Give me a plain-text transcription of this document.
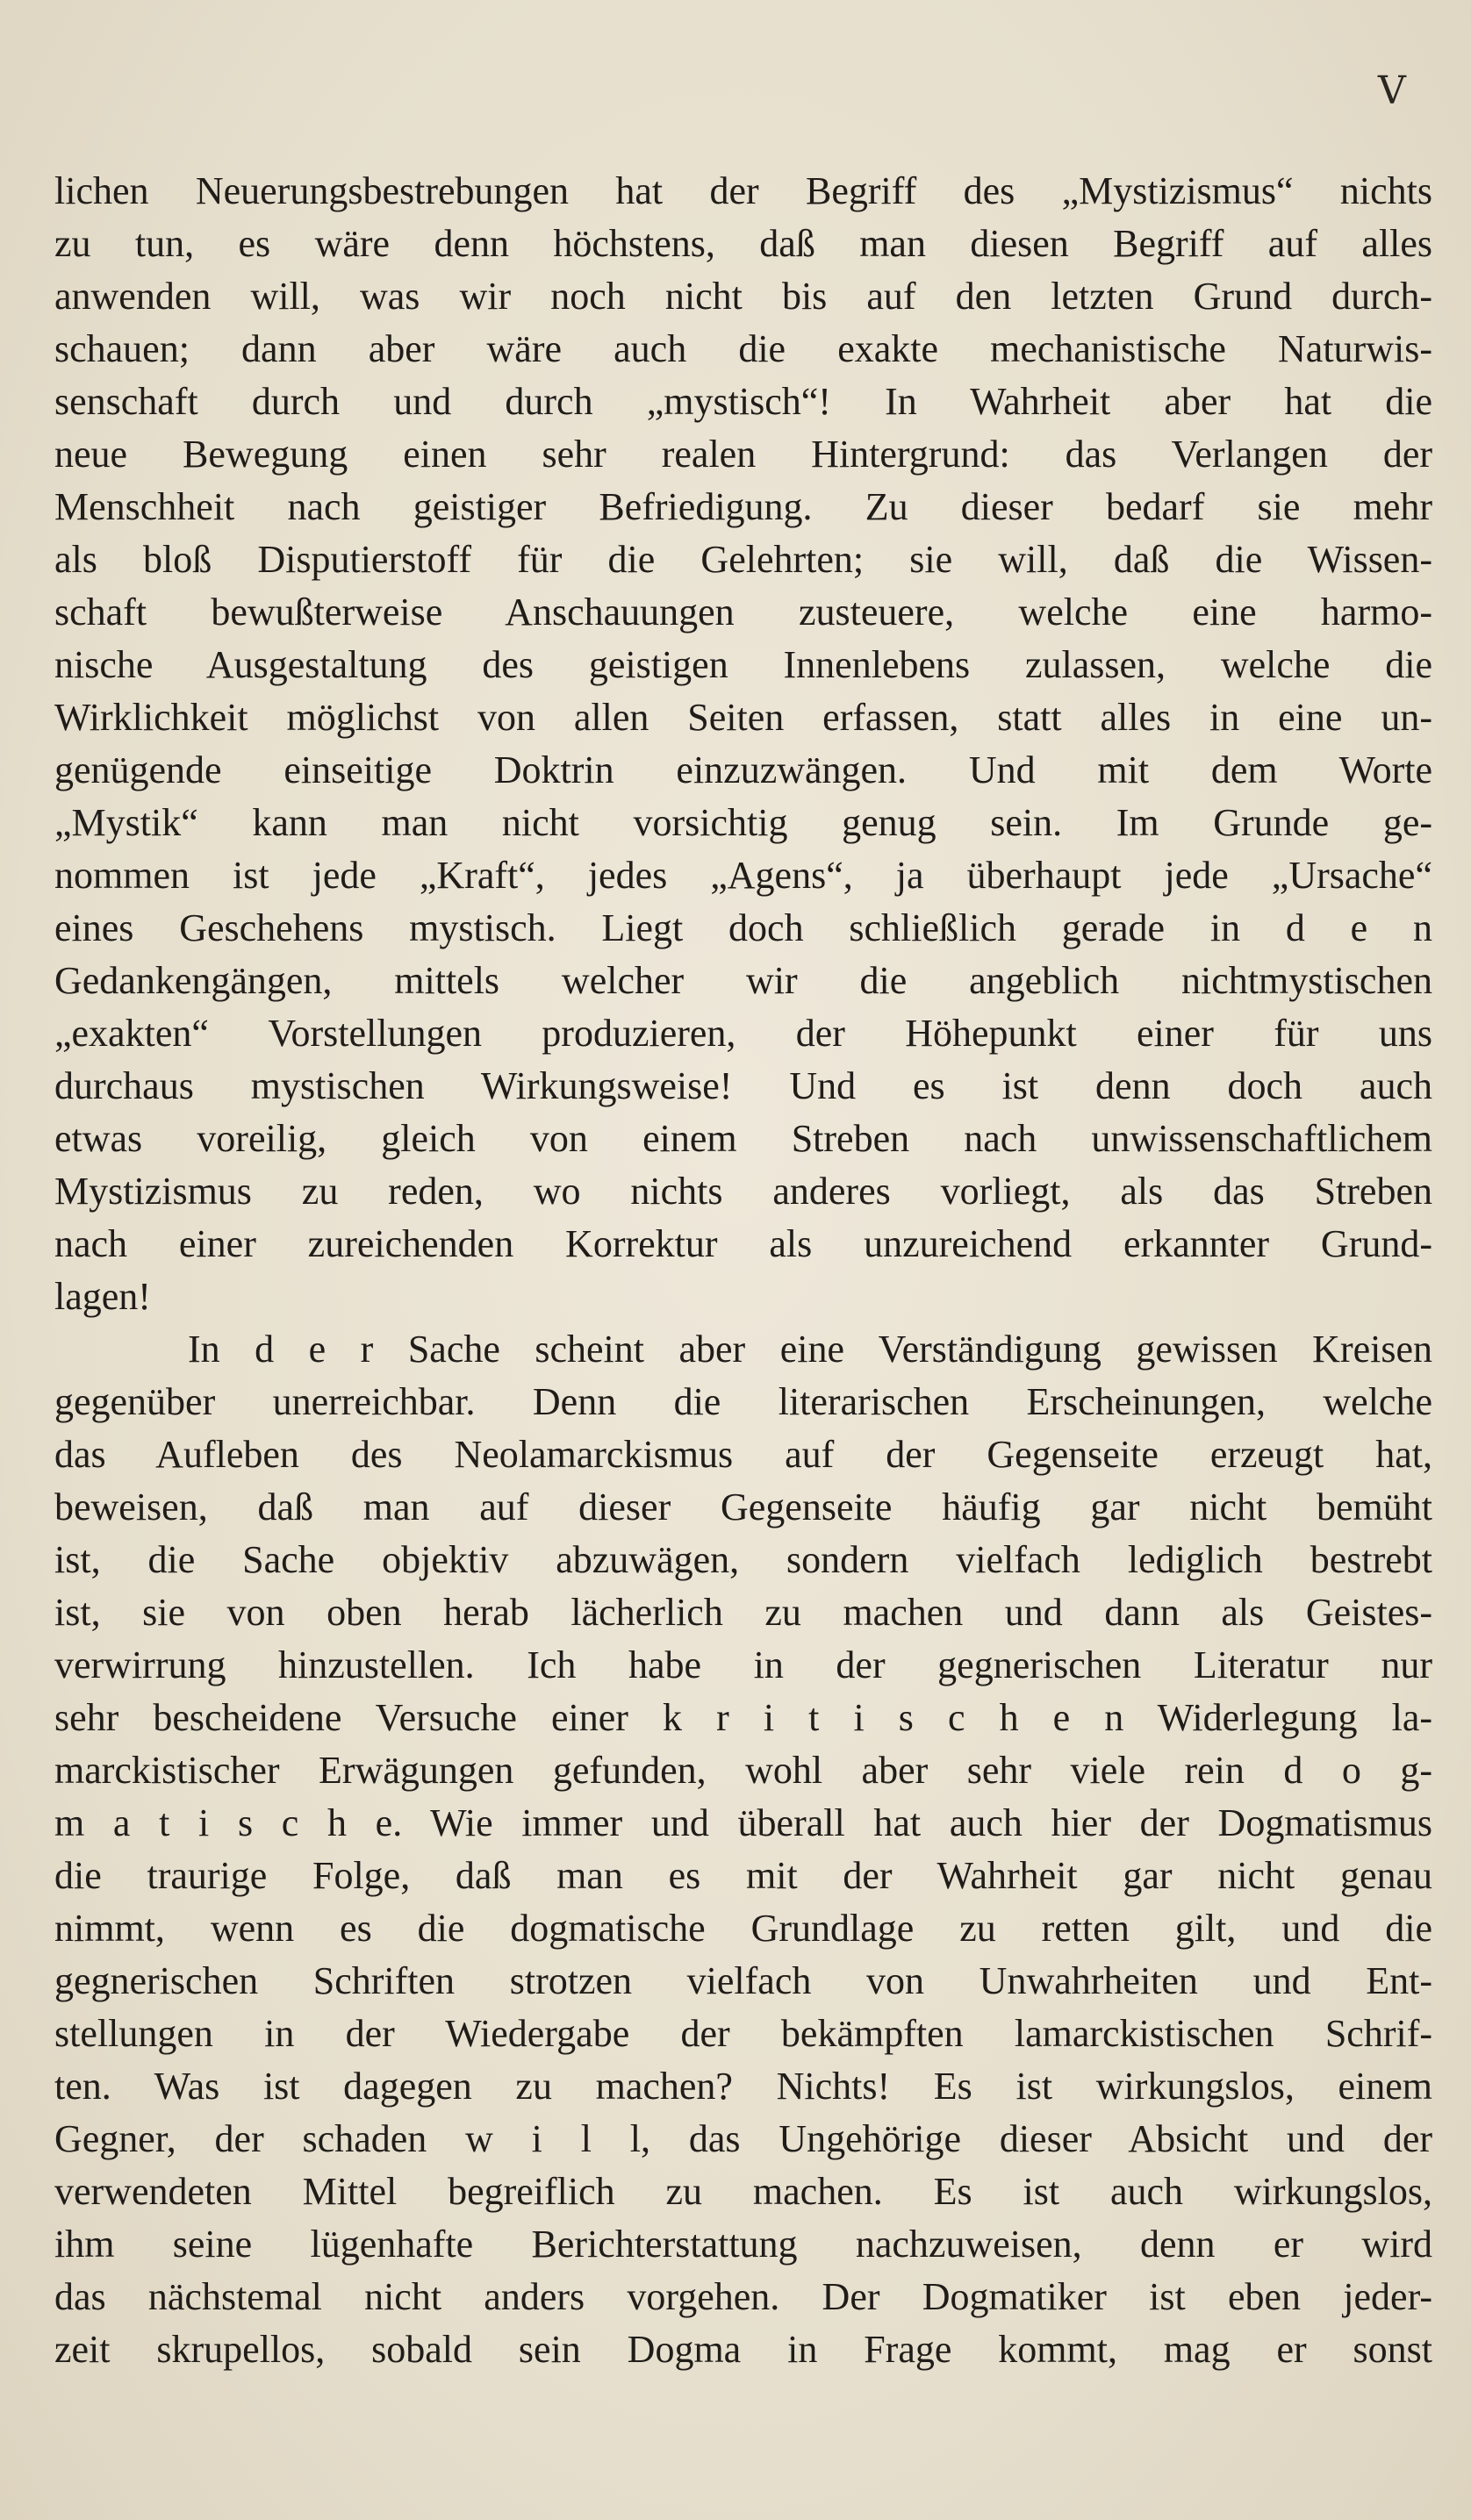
V
lichen Neuerungsbestrebungen hat der Begriff des „Mystizismus“ nichts
zu tun, es wäre denn höchstens, daß man diesen Begriff auf alles
anwenden will, was wir noch nicht bis auf den letzten Grund durch-
schauen; dann aber wäre auch die exakte mechanistische Naturwis-
senschaft durch und durch „mystisch“! In Wahrheit aber hat die
neue Bewegung einen sehr realen Hintergrund: das Verlangen der
Menschheit nach geistiger Befriedigung. Zu dieser bedarf sie mehr
als bloß Disputierstoff für die Gelehrten; sie will, daß die Wissen-
schaft bewußterweise Anschauungen zusteuere, welche eine harmo-
nische Ausgestaltung des geistigen Innenlebens zulassen, welche die
Wirklichkeit möglichst von allen Seiten erfassen, statt alles in eine un-
genügende einseitige Doktrin einzuzwängen. Und mit dem Worte
„Mystik“ kann man nicht vorsichtig genug sein. Im Grunde ge-
nommen ist jede „Kraft“, jedes „Agens“, ja überhaupt jede „Ursache“
eines Geschehens mystisch. Liegt doch schließlich gerade in d e n
Gedankengängen, mittels welcher wir die angeblich nichtmystischen
„exakten“ Vorstellungen produzieren, der Höhepunkt einer für uns
durchaus mystischen Wirkungsweise! Und es ist denn doch auch
etwas voreilig, gleich von einem Streben nach unwissenschaftlichem
Mystizismus zu reden, wo nichts anderes vorliegt, als das Streben
nach einer zureichenden Korrektur als unzureichend erkannter Grund-
lagen!
In d e r Sache scheint aber eine Verständigung gewissen Kreisen
gegenüber unerreichbar. Denn die literarischen Erscheinungen, welche
das Aufleben des Neolamarckismus auf der Gegenseite erzeugt hat,
beweisen, daß man auf dieser Gegenseite häufig gar nicht bemüht
ist, die Sache objektiv abzuwägen, sondern vielfach lediglich bestrebt
ist, sie von oben herab lächerlich zu machen und dann als Geistes-
verwirrung hinzustellen. Ich habe in der gegnerischen Literatur nur
sehr bescheidene Versuche einer k r i t i s c h e n Widerlegung la-
marckistischer Erwägungen gefunden, wohl aber sehr viele rein d o g-
m a t i s c h e. Wie immer und überall hat auch hier der Dogmatismus
die traurige Folge, daß man es mit der Wahrheit gar nicht genau
nimmt, wenn es die dogmatische Grundlage zu retten gilt, und die
gegnerischen Schriften strotzen vielfach von Unwahrheiten und Ent-
stellungen in der Wiedergabe der bekämpften lamarckistischen Schrif-
ten. Was ist dagegen zu machen? Nichts! Es ist wirkungslos, einem
Gegner, der schaden w i l l, das Ungehörige dieser Absicht und der
verwendeten Mittel begreiflich zu machen. Es ist auch wirkungslos,
ihm seine lügenhafte Berichterstattung nachzuweisen, denn er wird
das nächstemal nicht anders vorgehen. Der Dogmatiker ist eben jeder-
zeit skrupellos, sobald sein Dogma in Frage kommt, mag er sonst
